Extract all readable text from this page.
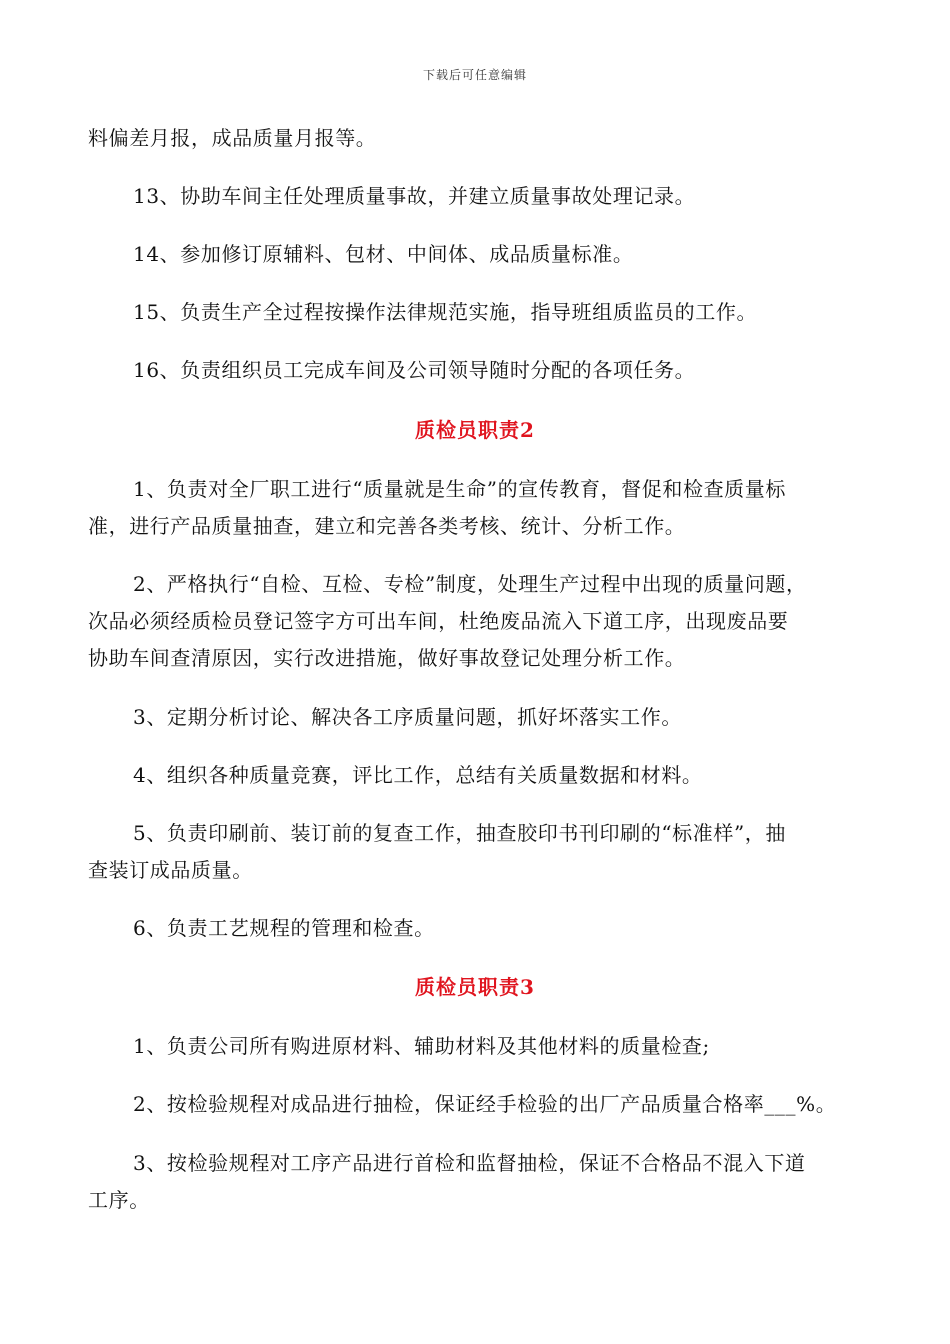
下载后可任意编辑
料偏差月报，成品质量月报等。
13、协助车间主任处理质量事故，并建立质量事故处理记录。
14、参加修订原辅料、包材、中间体、成品质量标准。
15、负责生产全过程按操作法律规范实施，指导班组质监员的工作。
16、负责组织员工完成车间及公司领导随时分配的各项任务。
质检员职责2
1、负责对全厂职工进行“质量就是生命”的宣传教育，督促和检查质量标
准，进行产品质量抽查，建立和完善各类考核、统计、分析工作。
2、严格执行“自检、互检、专检”制度，处理生产过程中出现的质量问题，
次品必须经质检员登记签字方可出车间，杜绝废品流入下道工序，出现废品要
协助车间查清原因，实行改进措施，做好事故登记处理分析工作。
3、定期分析讨论、解决各工序质量问题，抓好坏落实工作。
4、组织各种质量竞赛，评比工作，总结有关质量数据和材料。
5、负责印刷前、装订前的复查工作，抽查胶印书刊印刷的“标准样”，抽
查装订成品质量。
6、负责工艺规程的管理和检查。
质检员职责3
1、负责公司所有购进原材料、辅助材料及其他材料的质量检查;
2、按检验规程对成品进行抽检，保证经手检验的出厂产品质量合格率___%。
3、按检验规程对工序产品进行首检和监督抽检，保证不合格品不混入下道
工序。
